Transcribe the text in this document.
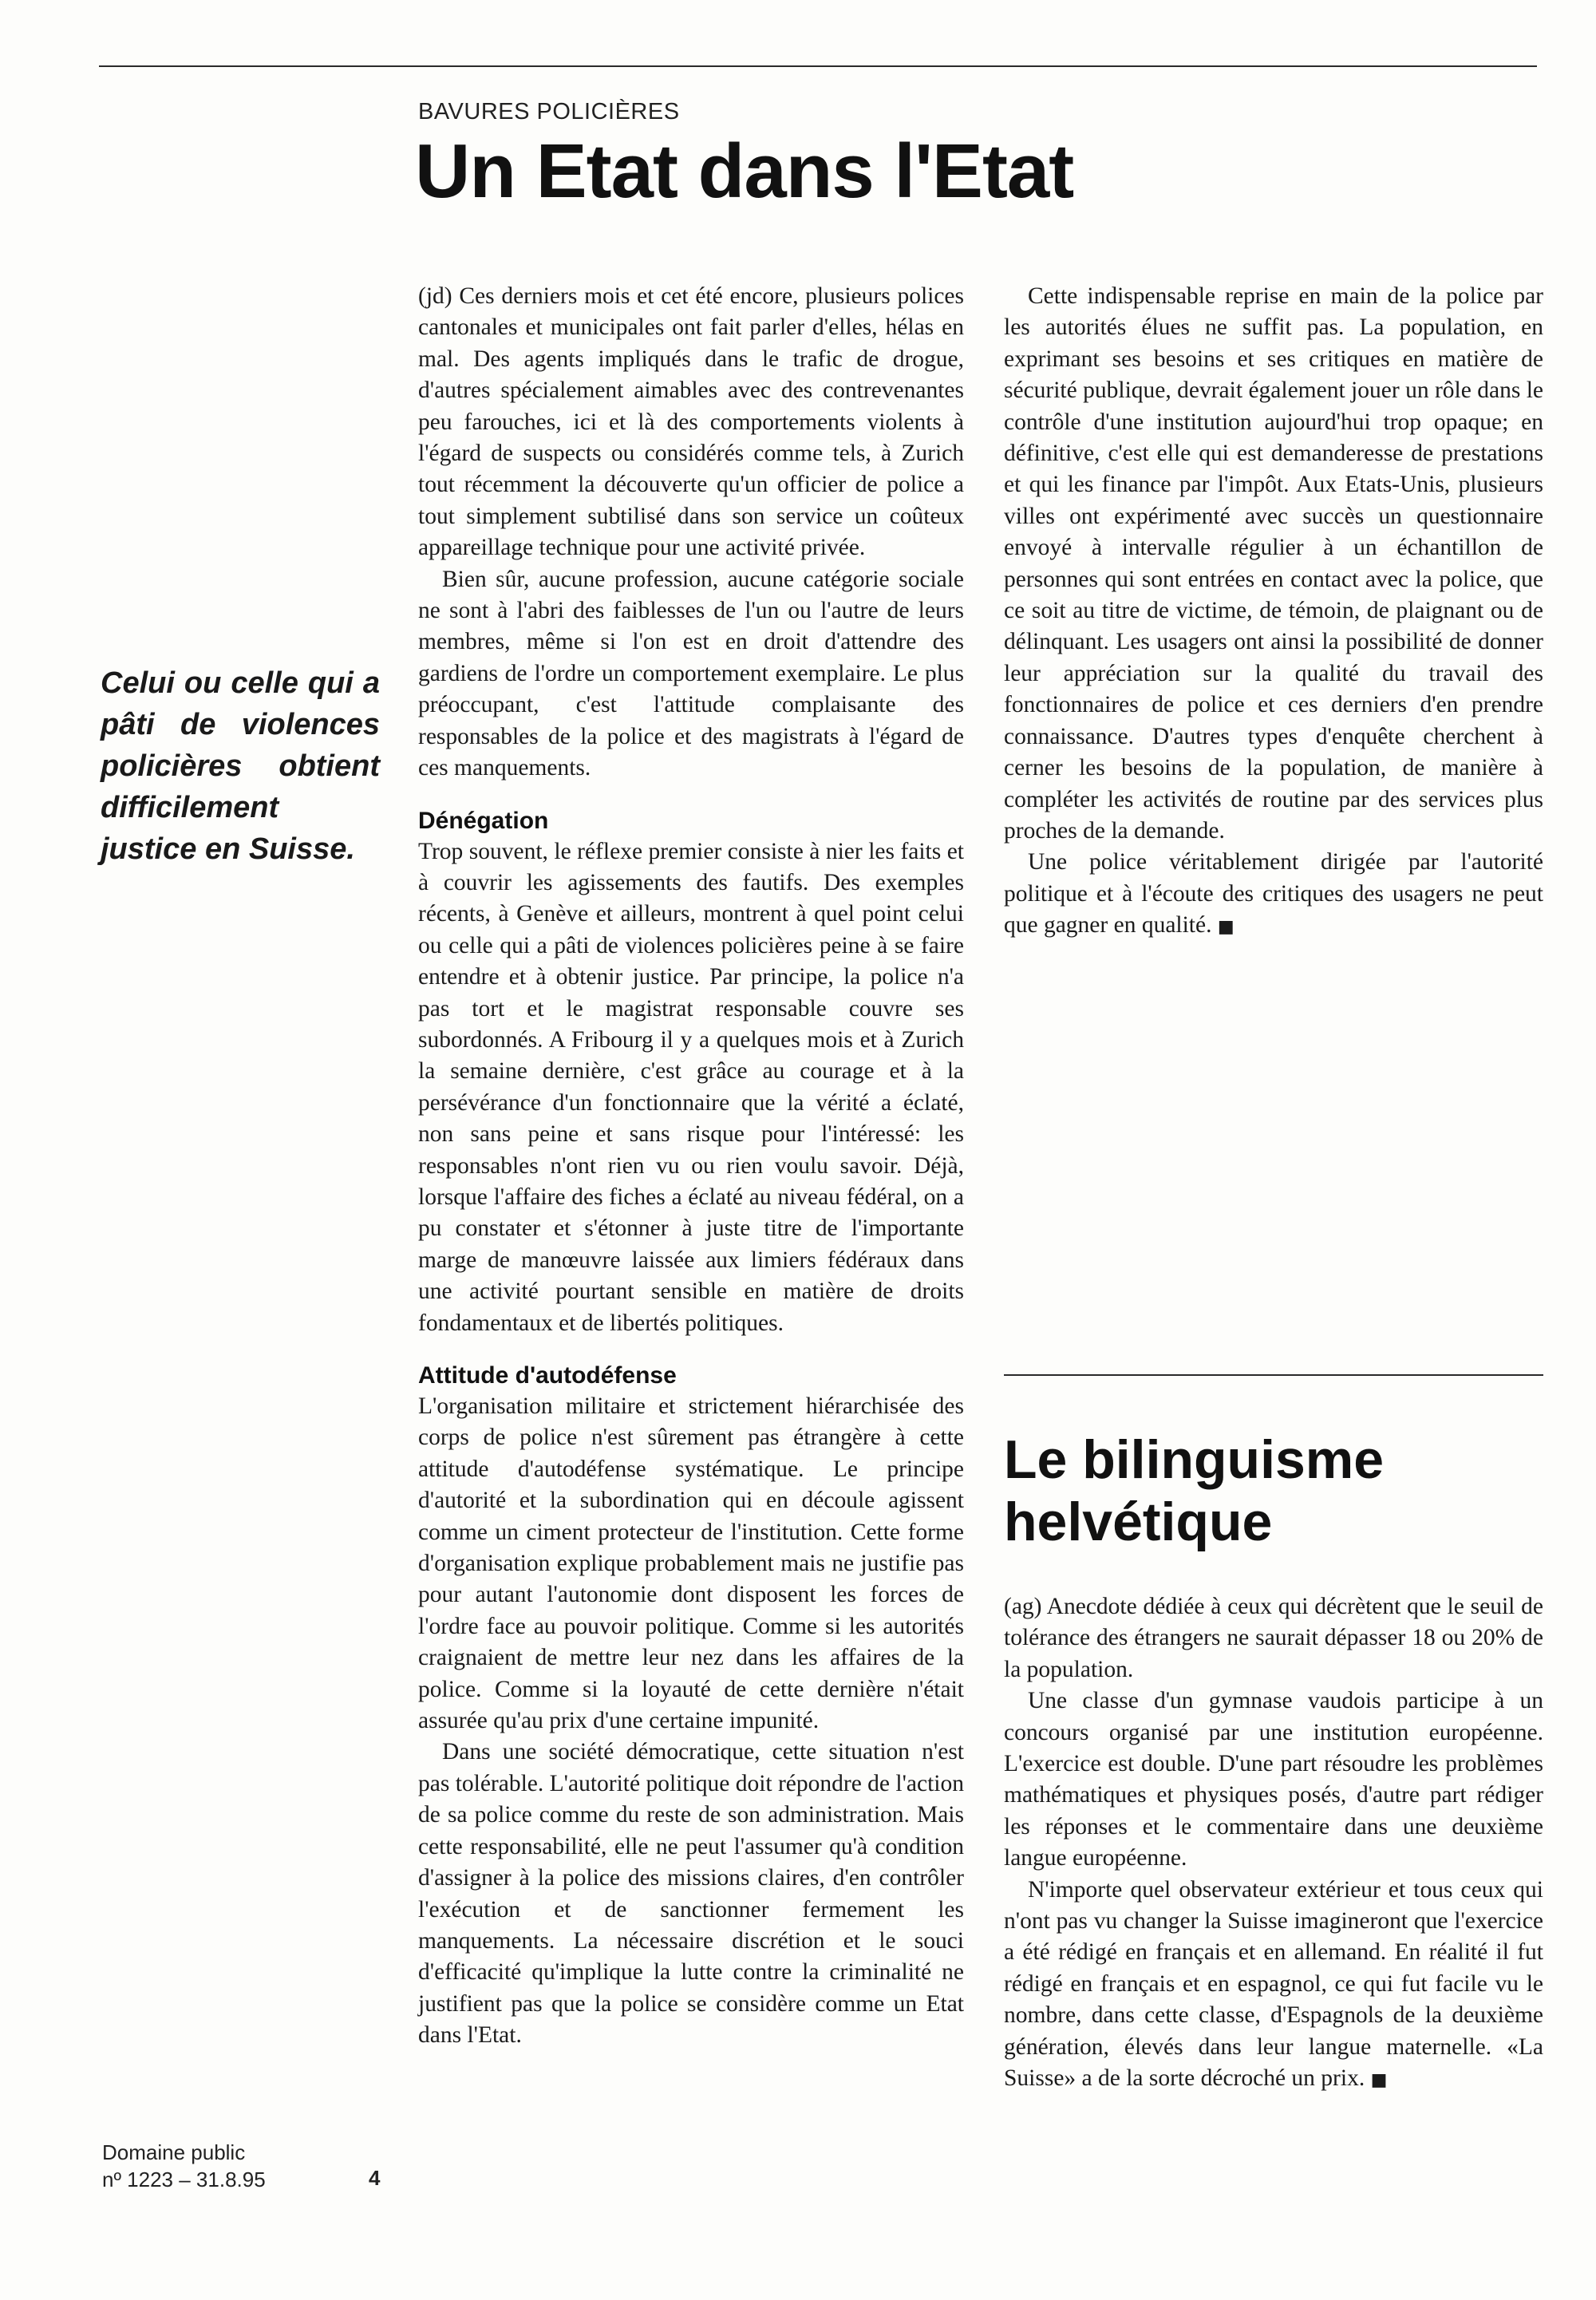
BAVURES POLICIÈRES
Un Etat dans l'Etat
Celui ou celle qui a pâti de violences policières obtient difficilement justice en Suisse.

(jd) Ces derniers mois et cet été encore, plusieurs polices cantonales et municipales ont fait parler d'elles, hélas en mal. Des agents impliqués dans le trafic de drogue, d'autres spécialement aimables avec des contrevenantes peu farouches, ici et là des comportements violents à l'égard de suspects ou considérés comme tels, à Zurich tout récemment la découverte qu'un officier de police a tout simplement subtilisé dans son service un coûteux appareillage technique pour une activité privée.

Bien sûr, aucune profession, aucune catégorie sociale ne sont à l'abri des faiblesses de l'un ou l'autre de leurs membres, même si l'on est en droit d'attendre des gardiens de l'ordre un comportement exemplaire. Le plus préoccupant, c'est l'attitude complaisante des responsables de la police et des magistrats à l'égard de ces manquements.

Dénégation

Trop souvent, le réflexe premier consiste à nier les faits et à couvrir les agissements des fautifs. Des exemples récents, à Genève et ailleurs, montrent à quel point celui ou celle qui a pâti de violences policières peine à se faire entendre et à obtenir justice. Par principe, la police n'a pas tort et le magistrat responsable couvre ses subordonnés. A Fribourg il y a quelques mois et à Zurich la semaine dernière, c'est grâce au courage et à la persévérance d'un fonctionnaire que la vérité a éclaté, non sans peine et sans risque pour l'intéressé: les responsables n'ont rien vu ou rien voulu savoir. Déjà, lorsque l'affaire des fiches a éclaté au niveau fédéral, on a pu constater et s'étonner à juste titre de l'importante marge de manœuvre laissée aux limiers fédéraux dans une activité pourtant sensible en matière de droits fondamentaux et de libertés politiques.

Attitude d'autodéfense

L'organisation militaire et strictement hiérarchisée des corps de police n'est sûrement pas étrangère à cette attitude d'autodéfense systématique. Le principe d'autorité et la subordination qui en découle agissent comme un ciment protecteur de l'institution. Cette forme d'organisation explique probablement mais ne justifie pas pour autant l'autonomie dont disposent les forces de l'ordre face au pouvoir politique. Comme si les autorités craignaient de mettre leur nez dans les affaires de la police. Comme si la loyauté de cette dernière n'était assurée qu'au prix d'une certaine impunité.

Dans une société démocratique, cette situation n'est pas tolérable. L'autorité politique doit répondre de l'action de sa police comme du reste de son administration. Mais cette responsabilité, elle ne peut l'assumer qu'à condition d'assigner à la police des missions claires, d'en contrôler l'exécution et de sanctionner fermement les manquements. La nécessaire discrétion et le souci d'efficacité qu'implique la lutte contre la criminalité ne justifient pas que la police se considère comme un Etat dans l'Etat.

Cette indispensable reprise en main de la police par les autorités élues ne suffit pas. La population, en exprimant ses besoins et ses critiques en matière de sécurité publique, devrait également jouer un rôle dans le contrôle d'une institution aujourd'hui trop opaque; en définitive, c'est elle qui est demanderesse de prestations et qui les finance par l'impôt. Aux Etats-Unis, plusieurs villes ont expérimenté avec succès un questionnaire envoyé à intervalle régulier à un échantillon de personnes qui sont entrées en contact avec la police, que ce soit au titre de victime, de témoin, de plaignant ou de délinquant. Les usagers ont ainsi la possibilité de donner leur appréciation sur la qualité du travail des fonctionnaires de police et ces derniers d'en prendre connaissance. D'autres types d'enquête cherchent à cerner les besoins de la population, de manière à compléter les activités de routine par des services plus proches de la demande.

Une police véritablement dirigée par l'autorité politique et à l'écoute des critiques des usagers ne peut que gagner en qualité. ■

Le bilinguisme helvétique

(ag) Anecdote dédiée à ceux qui décrètent que le seuil de tolérance des étrangers ne saurait dépasser 18 ou 20% de la population.

Une classe d'un gymnase vaudois participe à un concours organisé par une institution européenne. L'exercice est double. D'une part résoudre les problèmes mathématiques et physiques posés, d'autre part rédiger les réponses et le commentaire dans une deuxième langue européenne.

N'importe quel observateur extérieur et tous ceux qui n'ont pas vu changer la Suisse imagineront que l'exercice a été rédigé en français et en allemand. En réalité il fut rédigé en français et en espagnol, ce qui fut facile vu le nombre, dans cette classe, d'Espagnols de la deuxième génération, élevés dans leur langue maternelle. «La Suisse» a de la sorte décroché un prix. ■

Domaine public
nº 1223 – 31.8.95	4
